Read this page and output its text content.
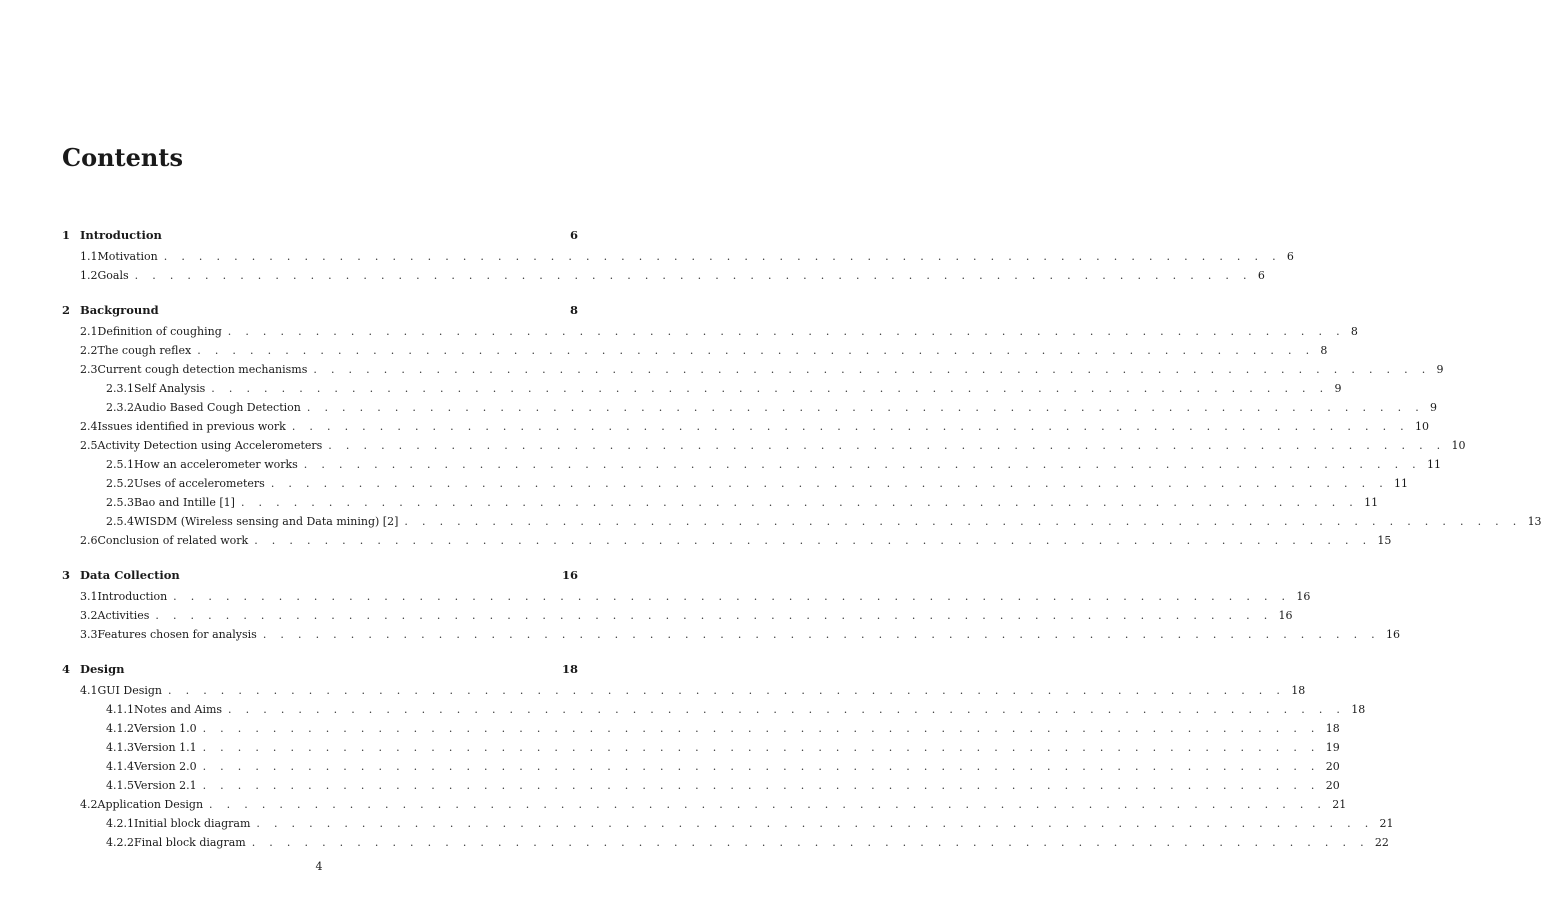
Contents
1 Introduction	6
1.1 Motivation . . . . . . . . . . . . . . . . . . . . . . . . . . . . . . . . . . . . . . . . . . . . . . . . . . . . . . . . . . . . . . . . 6
1.2 Goals . . . . . . . . . . . . . . . . . . . . . . . . . . . . . . . . . . . . . . . . . . . . . . . . . . . . . . . . . . . . . . . . 6
2 Background	8
2.1 Definition of coughing . . . . . . . . . . . . . . . . . . . . . . . . . . . . . . . . . . . . . . . . . . . . . . . . . . . . . . . . . . . . . . . . 8
2.2 The cough reflex . . . . . . . . . . . . . . . . . . . . . . . . . . . . . . . . . . . . . . . . . . . . . . . . . . . . . . . . . . . . . . . . 8
2.3 Current cough detection mechanisms . . . . . . . . . . . . . . . . . . . . . . . . . . . . . . . . . . . . . . . . . . . . . . . . . . . . . . . . . . . . . . . . 9
2.3.1 Self Analysis . . . . . . . . . . . . . . . . . . . . . . . . . . . . . . . . . . . . . . . . . . . . . . . . . . . . . . . . . . . . . . . . 9
2.3.2 Audio Based Cough Detection . . . . . . . . . . . . . . . . . . . . . . . . . . . . . . . . . . . . . . . . . . . . . . . . . . . . . . . . . . . . . . . . 9
2.4 Issues identified in previous work . . . . . . . . . . . . . . . . . . . . . . . . . . . . . . . . . . . . . . . . . . . . . . . . . . . . . . . . . . . . . . . . 10
2.5 Activity Detection using Accelerometers . . . . . . . . . . . . . . . . . . . . . . . . . . . . . . . . . . . . . . . . . . . . . . . . . . . . . . . . . . . . . . . . 10
2.5.1 How an accelerometer works . . . . . . . . . . . . . . . . . . . . . . . . . . . . . . . . . . . . . . . . . . . . . . . . . . . . . . . . . . . . . . . . 11
2.5.2 Uses of accelerometers . . . . . . . . . . . . . . . . . . . . . . . . . . . . . . . . . . . . . . . . . . . . . . . . . . . . . . . . . . . . . . . . 11
2.5.3 Bao and Intille [1] . . . . . . . . . . . . . . . . . . . . . . . . . . . . . . . . . . . . . . . . . . . . . . . . . . . . . . . . . . . . . . . . 11
2.5.4 WISDM (Wireless sensing and Data mining) [2] . . . . . . . . . . . . . . . . . . . . . . . . . . . . . . . . . . . . . . . . . . . . . . . . . . . . . . . . . . . . . . . . 13
2.6 Conclusion of related work . . . . . . . . . . . . . . . . . . . . . . . . . . . . . . . . . . . . . . . . . . . . . . . . . . . . . . . . . . . . . . . . 15
3 Data Collection	16
3.1 Introduction . . . . . . . . . . . . . . . . . . . . . . . . . . . . . . . . . . . . . . . . . . . . . . . . . . . . . . . . . . . . . . . . 16
3.2 Activities . . . . . . . . . . . . . . . . . . . . . . . . . . . . . . . . . . . . . . . . . . . . . . . . . . . . . . . . . . . . . . . . 16
3.3 Features chosen for analysis . . . . . . . . . . . . . . . . . . . . . . . . . . . . . . . . . . . . . . . . . . . . . . . . . . . . . . . . . . . . . . . . 16
4 Design	18
4.1 GUI Design . . . . . . . . . . . . . . . . . . . . . . . . . . . . . . . . . . . . . . . . . . . . . . . . . . . . . . . . . . . . . . . . 18
4.1.1 Notes and Aims . . . . . . . . . . . . . . . . . . . . . . . . . . . . . . . . . . . . . . . . . . . . . . . . . . . . . . . . . . . . . . . . 18
4.1.2 Version 1.0 . . . . . . . . . . . . . . . . . . . . . . . . . . . . . . . . . . . . . . . . . . . . . . . . . . . . . . . . . . . . . . . . 18
4.1.3 Version 1.1 . . . . . . . . . . . . . . . . . . . . . . . . . . . . . . . . . . . . . . . . . . . . . . . . . . . . . . . . . . . . . . . . 19
4.1.4 Version 2.0 . . . . . . . . . . . . . . . . . . . . . . . . . . . . . . . . . . . . . . . . . . . . . . . . . . . . . . . . . . . . . . . . 20
4.1.5 Version 2.1 . . . . . . . . . . . . . . . . . . . . . . . . . . . . . . . . . . . . . . . . . . . . . . . . . . . . . . . . . . . . . . . . 20
4.2 Application Design . . . . . . . . . . . . . . . . . . . . . . . . . . . . . . . . . . . . . . . . . . . . . . . . . . . . . . . . . . . . . . . . 21
4.2.1 Initial block diagram . . . . . . . . . . . . . . . . . . . . . . . . . . . . . . . . . . . . . . . . . . . . . . . . . . . . . . . . . . . . . . . . 21
4.2.2 Final block diagram . . . . . . . . . . . . . . . . . . . . . . . . . . . . . . . . . . . . . . . . . . . . . . . . . . . . . . . . . . . . . . . . 22
4
